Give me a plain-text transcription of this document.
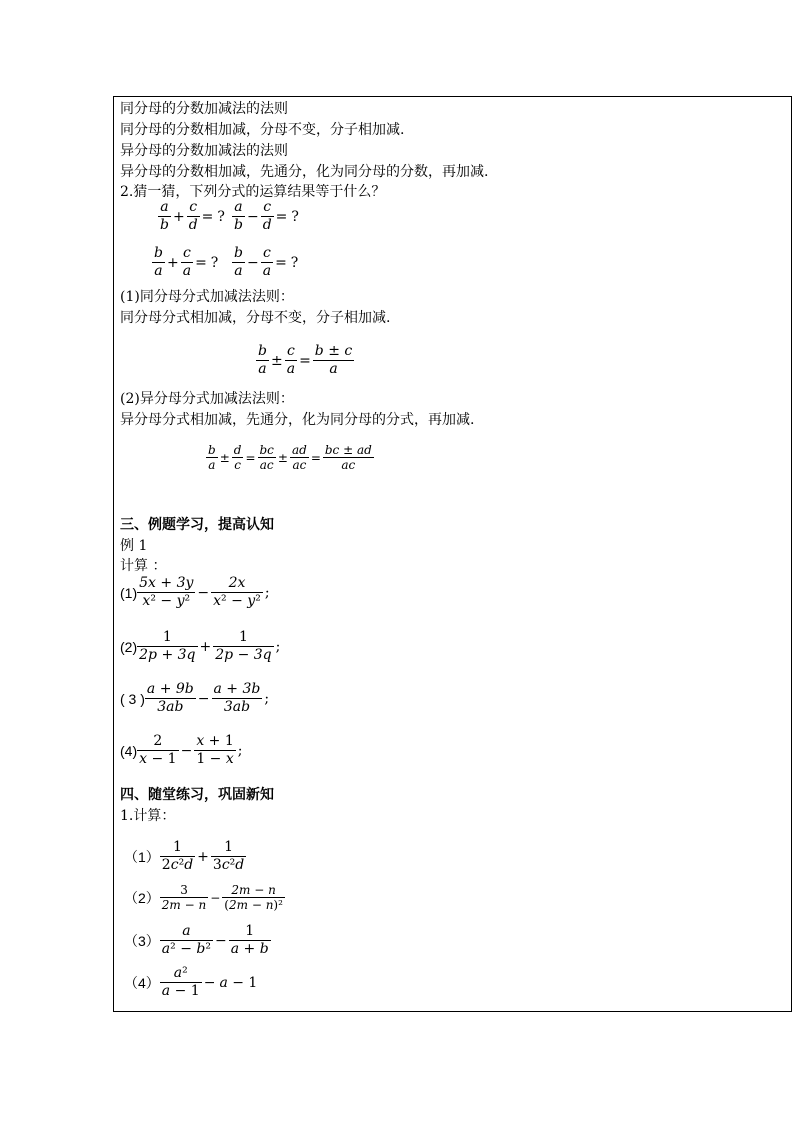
同分母的分数加减法的法则
同分母的分数相加减，分母不变，分子相加减.
异分母的分数加减法的法则
异分母的分数相加减，先通分，化为同分母的分数，再加减.
2.猜一猜，下列分式的运算结果等于什么？
$\frac{a}{b} + \frac{c}{d}$ = ? $\frac{a}{b} - \frac{c}{d}$ = ?
$\frac{b}{a} + \frac{c}{a}$ = ? $\frac{b}{a} - \frac{c}{a}$ = ?
(1)同分母分式加减法法则：
同分母分式相加减，分母不变，分子相加减.
$\frac{b}{a} \pm \frac{c}{a} = \frac{b \pm c}{a}$
(2)异分母分式加减法法则：
异分母分式相加减，先通分，化为同分母的分式，再加减.
$\frac{b}{a} \pm \frac{d}{c} = \frac{bc}{ac} \pm \frac{ad}{ac} = \frac{bc \pm ad}{ac}$
三、例题学习，提高认知
例 1
计算 ：
$(1) \frac{5x + 3y}{\text{x² − y²}} - \frac{2x}{\text{x² − y²}}$ ;
$(2) \frac{1}{2p + 3q} + \frac{1}{2p - 3q}$ ;
( 3 ) $\frac{a + 9b}{3ab} - \frac{a + 3b}{3ab}$ ;
$(4) \frac{2}{x - 1} - \frac{x + 1}{1 - x}$ ;
四、随堂练习，巩固新知
1.计算：
$(1) \frac{1}{\text{2c²d}} + \frac{1}{\text{3c²d}}$
$(2) \frac{3}{2m - n} - \frac{2m - n}{\text{(2m − n)²}}$
$(3) \frac{a}{\text{a² − b²}} - \frac{1}{a + b}$
$(4) \frac{\text{a²}}{a - 1} - a - 1$
